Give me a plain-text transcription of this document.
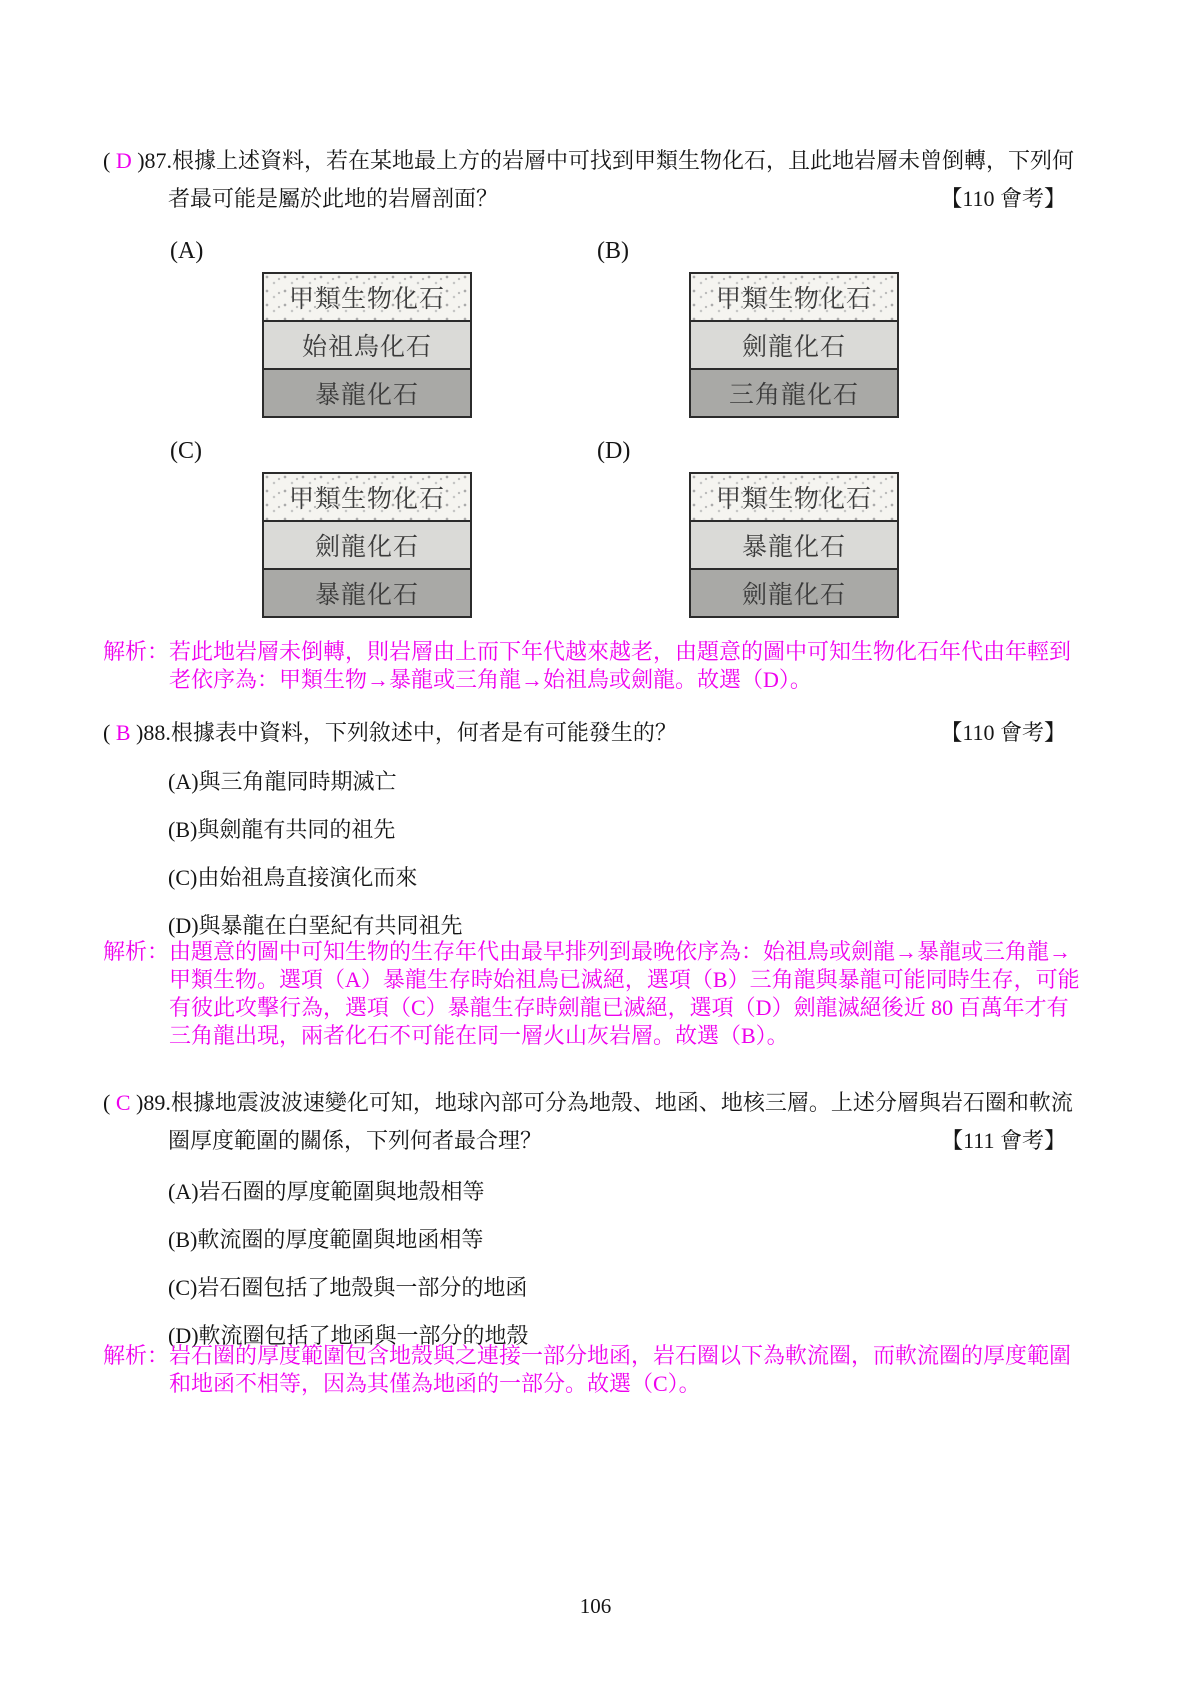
( D )87.根據上述資料，若在某地最上方的岩層中可找到甲類生物化石，且此地岩層未曾倒轉，下列何者最可能是屬於此地的岩層剖面？	【110 會考】
(A)
甲類生物化石
始祖鳥化石
暴龍化石
(B)
甲類生物化石
劍龍化石
三角龍化石
(C)
甲類生物化石
劍龍化石
暴龍化石
(D)
甲類生物化石
暴龍化石
劍龍化石
解析：若此地岩層未倒轉，則岩層由上而下年代越來越老，由題意的圖中可知生物化石年代由年輕到老依序為：甲類生物→暴龍或三角龍→始祖鳥或劍龍。故選（D）。
( B )88.根據表中資料，下列敘述中，何者是有可能發生的？	【110 會考】
(A)與三角龍同時期滅亡
(B)與劍龍有共同的祖先
(C)由始祖鳥直接演化而來
(D)與暴龍在白堊紀有共同祖先
解析：由題意的圖中可知生物的生存年代由最早排列到最晚依序為：始祖鳥或劍龍→暴龍或三角龍→甲類生物。選項（A）暴龍生存時始祖鳥已滅絕，選項（B）三角龍與暴龍可能同時生存，可能有彼此攻擊行為，選項（C）暴龍生存時劍龍已滅絕，選項（D）劍龍滅絕後近 80 百萬年才有三角龍出現，兩者化石不可能在同一層火山灰岩層。故選（B）。
( C )89.根據地震波波速變化可知，地球內部可分為地殼、地函、地核三層。上述分層與岩石圈和軟流圈厚度範圍的關係，下列何者最合理？	【111 會考】
(A)岩石圈的厚度範圍與地殼相等
(B)軟流圈的厚度範圍與地函相等
(C)岩石圈包括了地殼與一部分的地函
(D)軟流圈包括了地函與一部分的地殼
解析：岩石圈的厚度範圍包含地殼與之連接一部分地函，岩石圈以下為軟流圈，而軟流圈的厚度範圍和地函不相等，因為其僅為地函的一部分。故選（C）。
106
